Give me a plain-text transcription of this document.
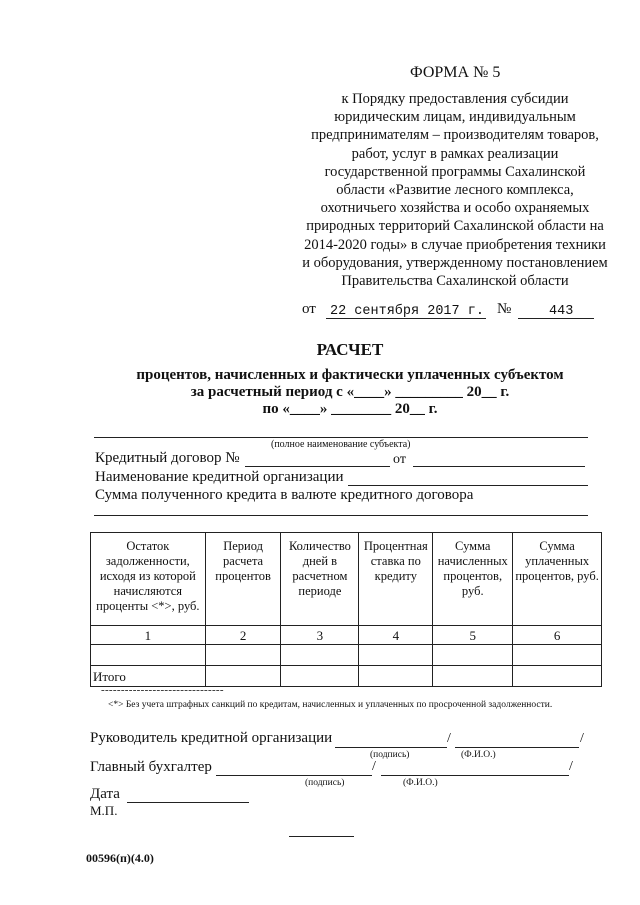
ФОРМА № 5
к Порядку предоставления субсидии юридическим лицам, индивидуальным предпринимателям – производителям товаров, работ, услуг в рамках реализации государственной программы Сахалинской области «Развитие лесного комплекса, охотничьего хозяйства и особо охраняемых природных территорий Сахалинской области на 2014-2020 годы» в случае приобретения техники и оборудования, утвержденному постановлением Правительства Сахалинской области
от 22 сентября 2017 г. №	443
РАСЧЕТ
процентов, начисленных и фактически уплаченных субъектом
за расчетный период с «____» _________ 20__ г.
по «____» ________ 20__ г.
(полное наименование субъекта)
Кредитный договор №	от
Наименование кредитной организации
Сумма полученного кредита в валюте кредитного договора
Остаток задолженности, исходя из которой начисляются проценты <*>, руб.	Период расчета процентов	Количество дней в расчетном периоде	Процентная ставка по кредиту	Сумма начисленных процентов, руб.	Сумма уплаченных процентов, руб.
1	2	3	4	5	6

Итого					
-------------------------------
<*> Без учета штрафных санкций по кредитам, начисленных и уплаченных по просроченной задолженности.
Руководитель кредитной организации	/	/
(подпись)	(Ф.И.О.)
Главный бухгалтер	/	/
(подпись)	(Ф.И.О.)
Дата
М.П.
00596(п)(4.0)
